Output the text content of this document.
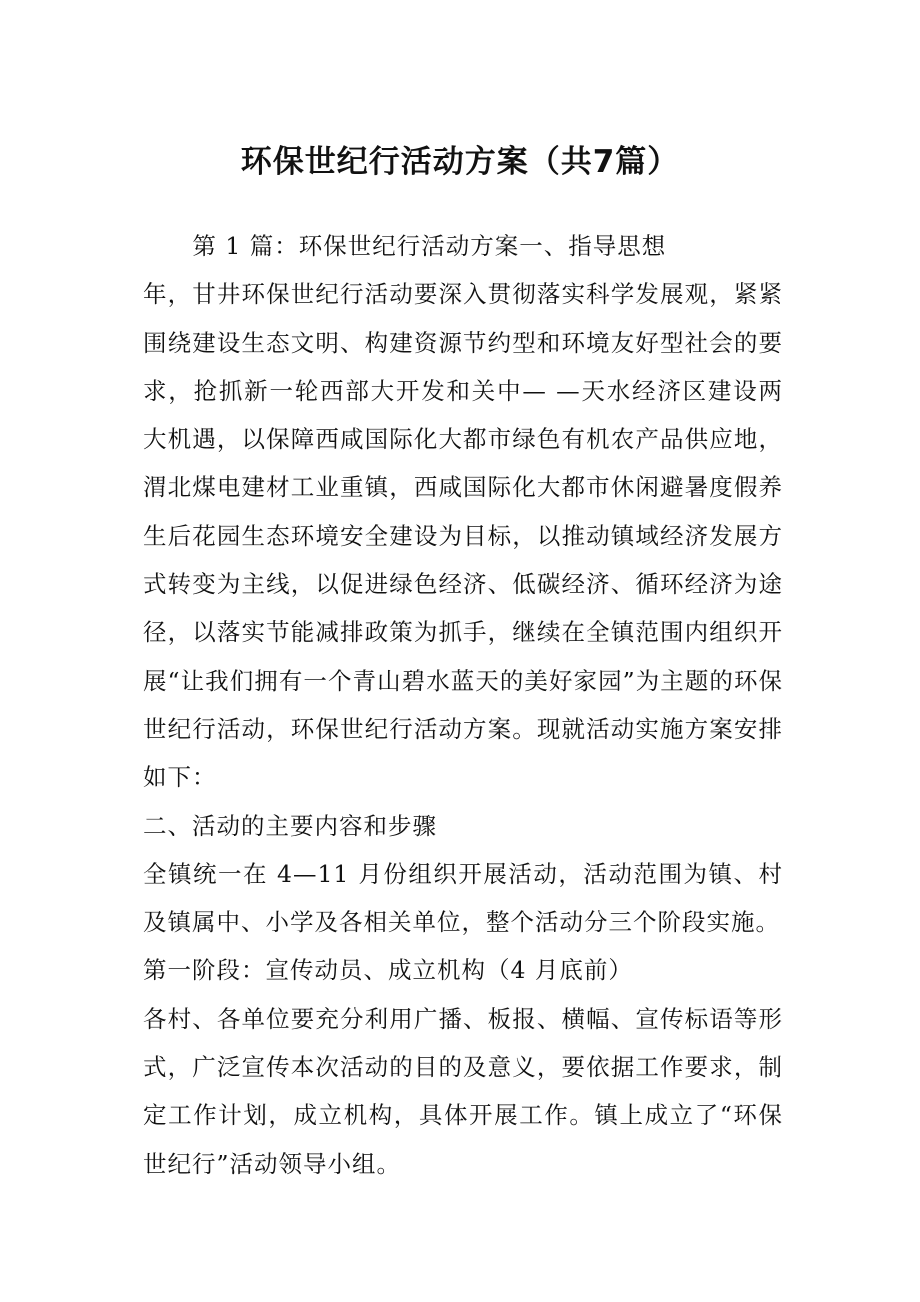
环保世纪行活动方案（共7篇）

第 1 篇：环保世纪行活动方案一、指导思想

年，甘井环保世纪行活动要深入贯彻落实科学发展观，紧紧围绕建设生态文明、构建资源节约型和环境友好型社会的要求，抢抓新一轮西部大开发和关中— —天水经济区建设两大机遇，以保障西咸国际化大都市绿色有机农产品供应地，渭北煤电建材工业重镇，西咸国际化大都市休闲避暑度假养生后花园生态环境安全建设为目标，以推动镇域经济发展方式转变为主线，以促进绿色经济、低碳经济、循环经济为途径，以落实节能减排政策为抓手，继续在全镇范围内组织开展“让我们拥有一个青山碧水蓝天的美好家园”为主题的环保世纪行活动，环保世纪行活动方案。现就活动实施方案安排如下：

二、活动的主要内容和步骤

全镇统一在 4—11 月份组织开展活动，活动范围为镇、村及镇属中、小学及各相关单位，整个活动分三个阶段实施。

第一阶段：宣传动员、成立机构（4 月底前）

各村、各单位要充分利用广播、板报、横幅、宣传标语等形式，广泛宣传本次活动的目的及意义，要依据工作要求，制定工作计划，成立机构，具体开展工作。镇上成立了“环保世纪行”活动领导小组。
